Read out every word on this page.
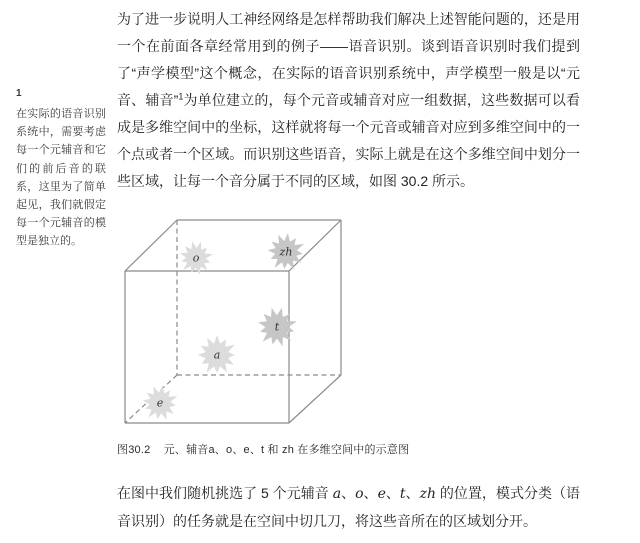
1
在实际的语音识别系统中，需要考虑每一个元辅音和它们的前后音的联系，这里为了简单起见，我们就假定每一个元辅音的模型是独立的。

为了进一步说明人工神经网络是怎样帮助我们解决上述智能问题的，还是用一个在前面各章经常用到的例子——语音识别。谈到语音识别时我们提到了“声学模型”这个概念，在实际的语音识别系统中，声学模型一般是以“元音、辅音”$^1$为单位建立的，每个元音或辅音对应一组数据，这些数据可以看成是多维空间中的坐标，这样就将每一个元音或辅音对应到多维空间中的一个点或者一个区域。而识别这些语音，实际上就是在这个多维空间中划分一些区域，让每一个音分属于不同的区域，如图 30.2 所示。

o	zh
t
a
e
图30.2 元、辅音a、o、e、t 和 zh 在多维空间中的示意图

在图中我们随机挑选了 5 个元辅音 a、o、e、t、zh 的位置，模式分类（语音识别）的任务就是在空间中切几刀，将这些音所在的区域划分开。
